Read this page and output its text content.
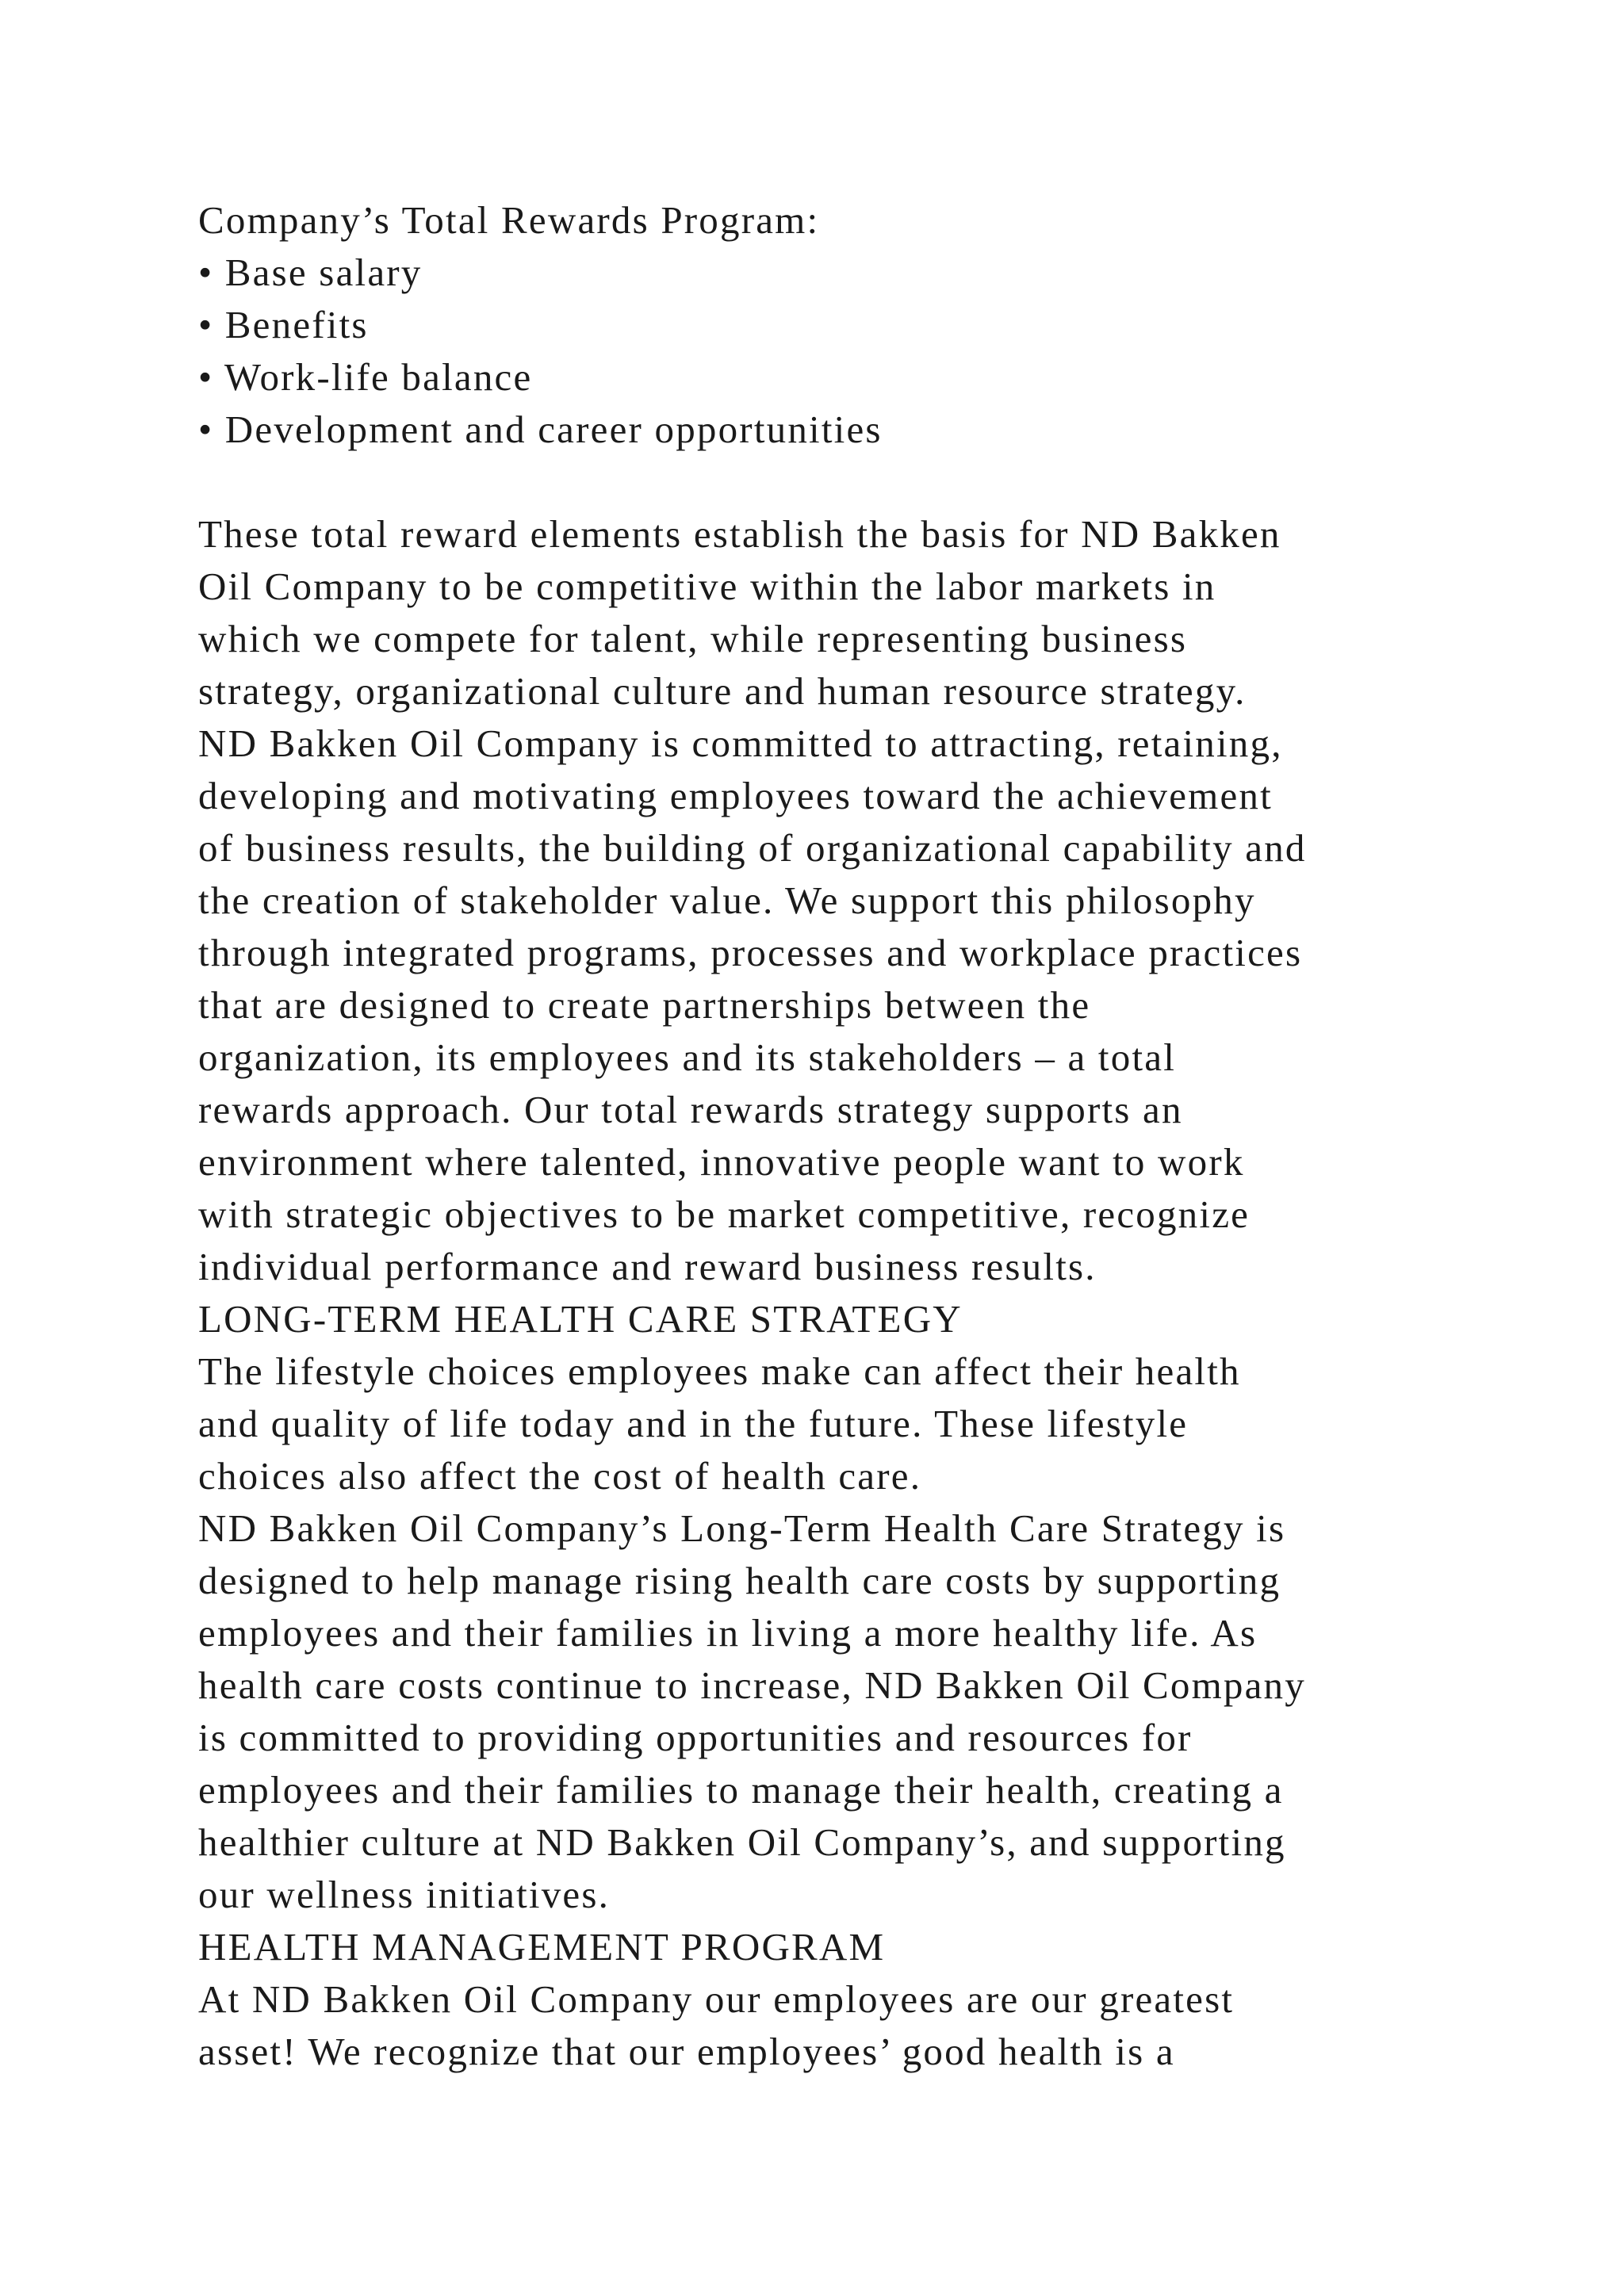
Company’s Total Rewards Program:
• Base salary
• Benefits
• Work-life balance
• Development and career opportunities
These total reward elements establish the basis for ND Bakken
Oil Company to be competitive within the labor markets in
which we compete for talent, while representing business
strategy, organizational culture and human resource strategy.
ND Bakken Oil Company is committed to attracting, retaining,
developing and motivating employees toward the achievement
of business results, the building of organizational capability and
the creation of stakeholder value. We support this philosophy
through integrated programs, processes and workplace practices
that are designed to create partnerships between the
organization, its employees and its stakeholders – a total
rewards approach. Our total rewards strategy supports an
environment where talented, innovative people want to work
with strategic objectives to be market competitive, recognize
individual performance and reward business results.
LONG-TERM HEALTH CARE STRATEGY
The lifestyle choices employees make can affect their health
and quality of life today and in the future. These lifestyle
choices also affect the cost of health care.
ND Bakken Oil Company’s Long-Term Health Care Strategy is
designed to help manage rising health care costs by supporting
employees and their families in living a more healthy life. As
health care costs continue to increase, ND Bakken Oil Company
is committed to providing opportunities and resources for
employees and their families to manage their health, creating a
healthier culture at ND Bakken Oil Company’s, and supporting
our wellness initiatives.
HEALTH MANAGEMENT PROGRAM
At ND Bakken Oil Company our employees are our greatest
asset! We recognize that our employees’ good health is a
